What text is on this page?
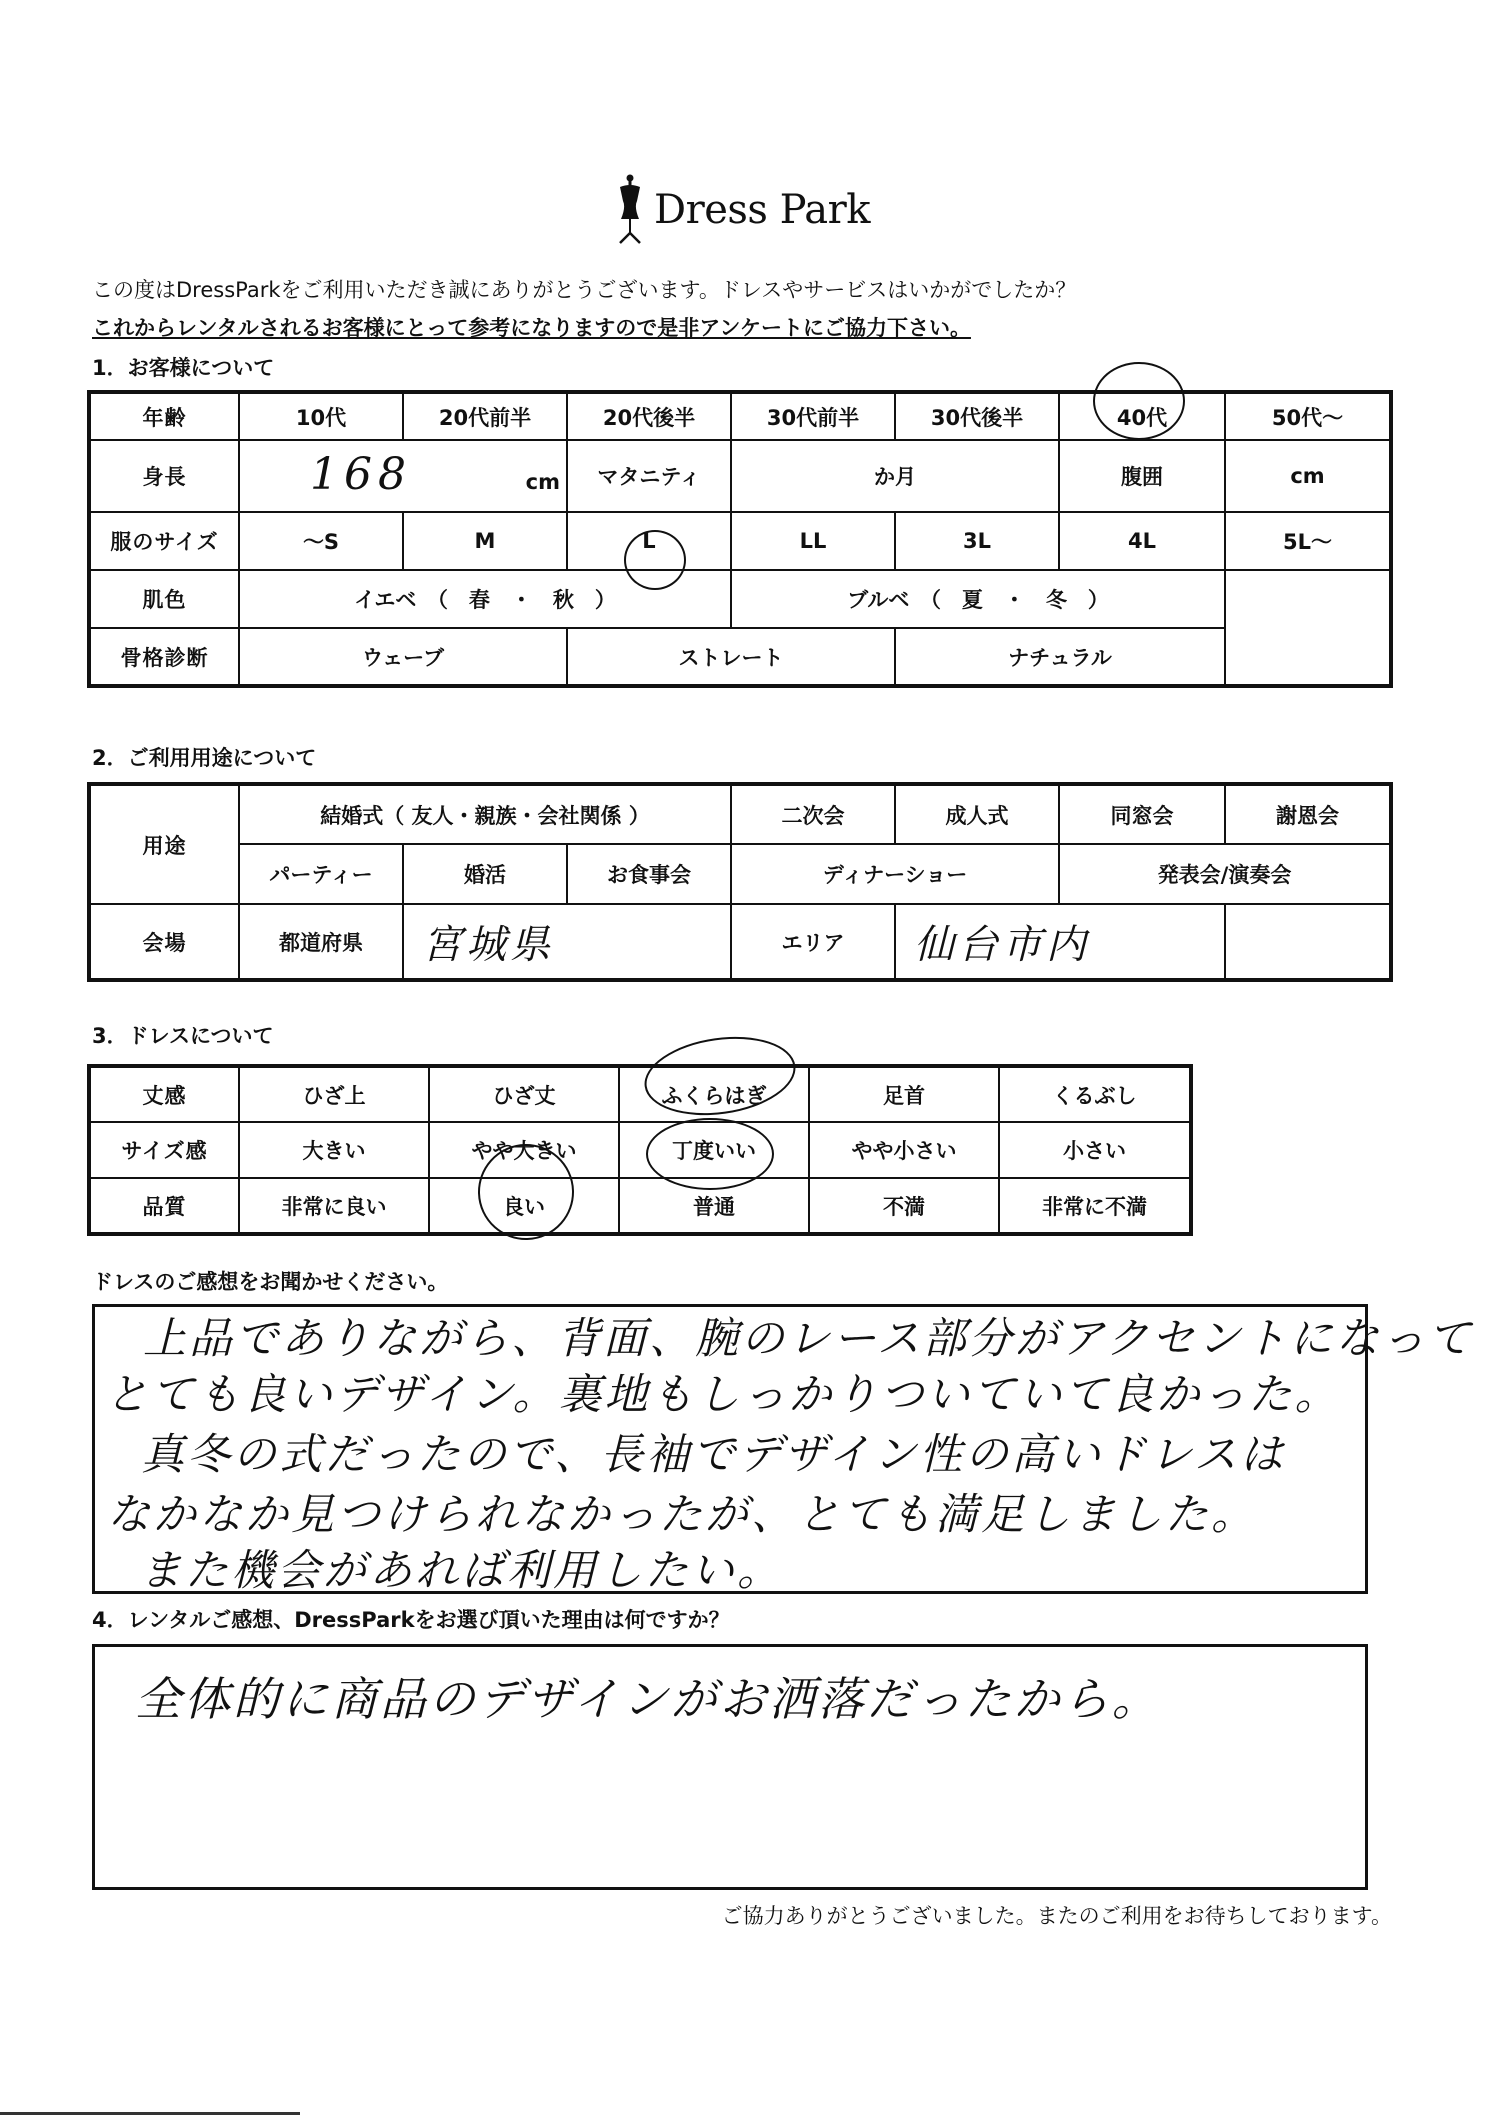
Dress Park
この度はDressParkをご利用いただき誠にありがとうございます。ドレスやサービスはいかがでしたか？
これからレンタルされるお客様にとって参考になりますので是非アンケートにご協力下さい。
1．お客様について
年齢	10代	20代前半	20代後半	30代前半	30代後半	40代	50代～
身長	168 cm		マタニティ	か月		腹囲	cm
服のサイズ	～S	M	L	LL	3L	4L	5L～
肌色	イエベ　（　春　・　秋　）			ブルベ　（　夏　・　冬　）			
骨格診断	ウェーブ		ストレート		ナチュラル		
2．ご利用用途について
用途	結婚式（ 友人・親族・会社関係 ）			二次会	成人式	同窓会	謝恩会
	パーティー	婚活	お食事会	ディナーショー		発表会/演奏会	
会場	都道府県	宮城県		エリア	仙台市内		
3．ドレスについて
丈感	ひざ上	ひざ丈	ふくらはぎ	足首	くるぶし
サイズ感	大きい	やや大きい	丁度いい	やや小さい	小さい
品質	非常に良い	良い	普通	不満	非常に不満
ドレスのご感想をお聞かせください。
上品でありながら、背面、腕のレース部分がアクセントになって
とても良いデザイン。裏地もしっかりついていて良かった。
真冬の式だったので、長袖でデザイン性の高いドレスは
なかなか見つけられなかったが、とても満足しました。
また機会があれば利用したい。
4．レンタルご感想、DressParkをお選び頂いた理由は何ですか？
全体的に商品のデザインがお洒落だったから。
ご協力ありがとうございました。またのご利用をお待ちしております。
